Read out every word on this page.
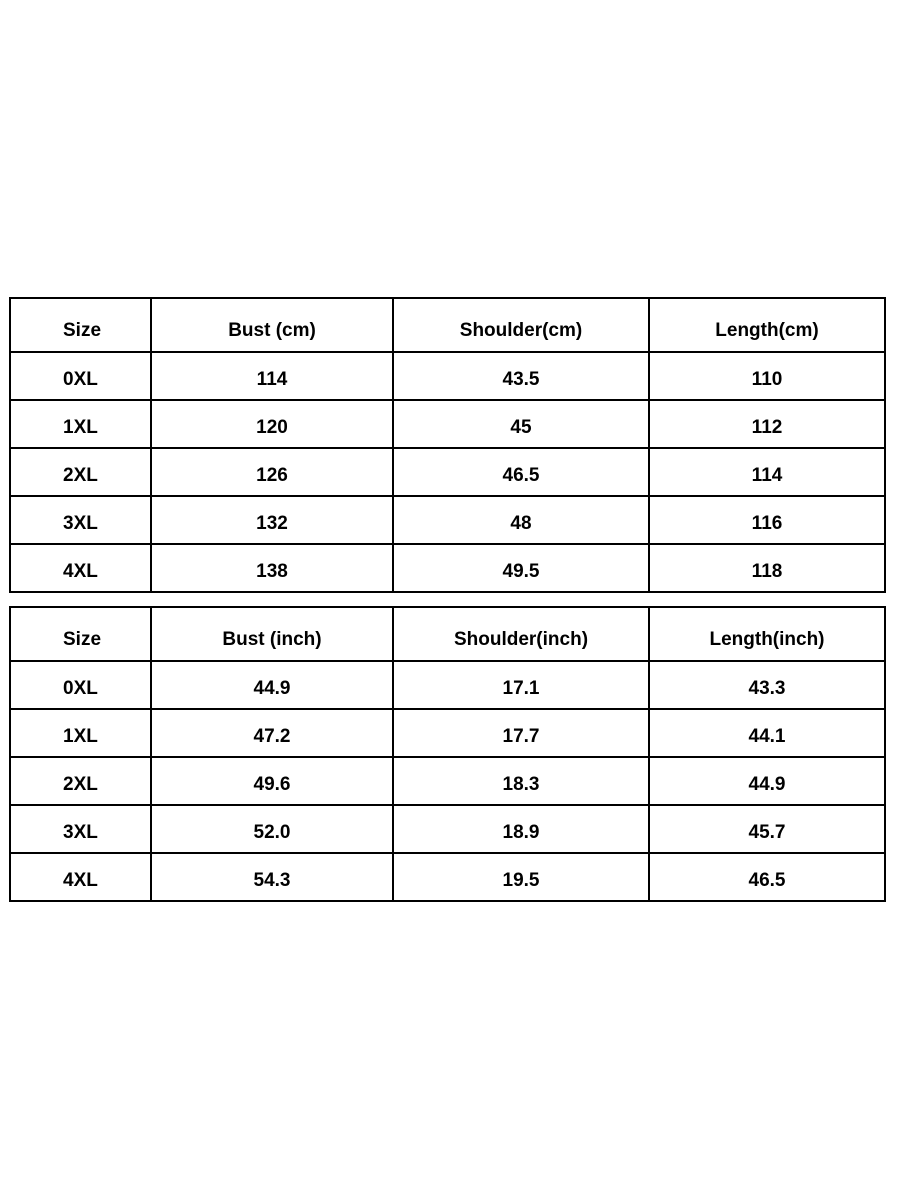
Size	Bust (cm)	Shoulder(cm)	Length(cm)
0XL	114	43.5	110
1XL	120	45	112
2XL	126	46.5	114
3XL	132	48	116
4XL	138	49.5	118
Size	Bust (inch)	Shoulder(inch)	Length(inch)
0XL	44.9	17.1	43.3
1XL	47.2	17.7	44.1
2XL	49.6	18.3	44.9
3XL	52.0	18.9	45.7
4XL	54.3	19.5	46.5
